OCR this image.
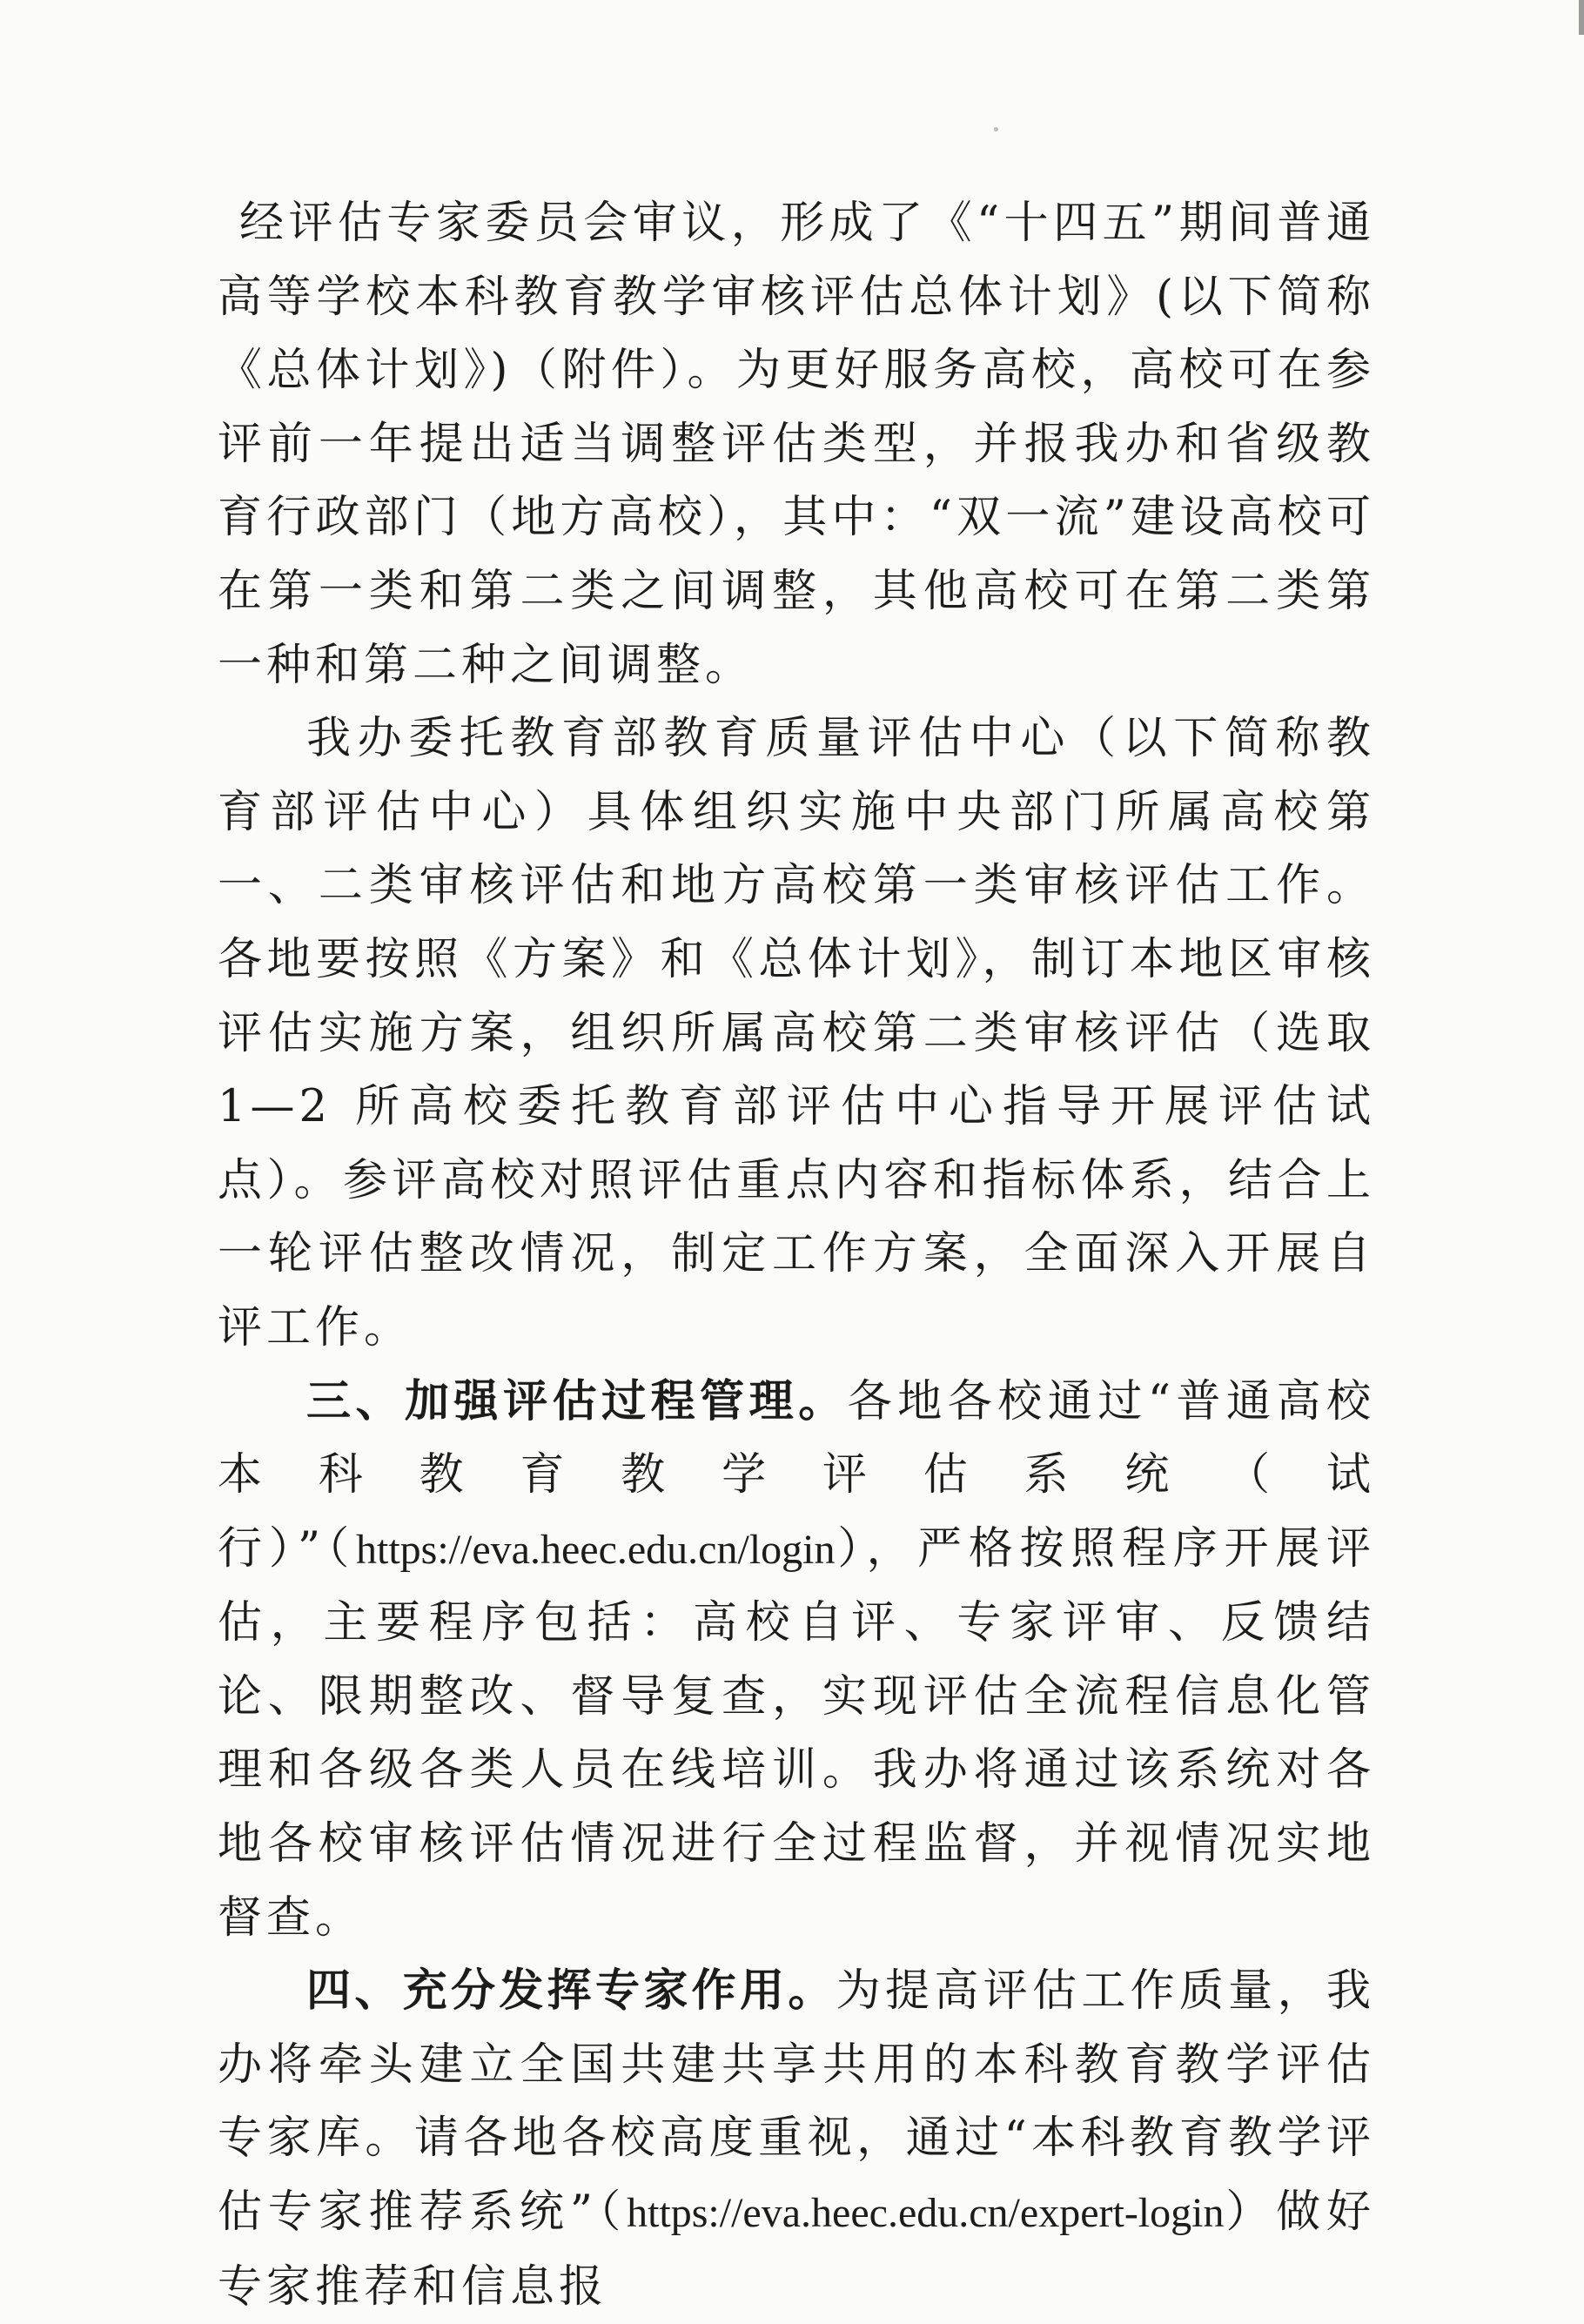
经评估专家委员会审议，形成了《“十四五”期间普通高等学校本科教育教学审核评估总体计划》(以下简称《总体计划》)（附件）。为更好服务高校，高校可在参评前一年提出适当调整评估类型，并报我办和省级教育行政部门（地方高校），其中：“双一流”建设高校可在第一类和第二类之间调整，其他高校可在第二类第一种和第二种之间调整。

我办委托教育部教育质量评估中心（以下简称教育部评估中心）具体组织实施中央部门所属高校第一、二类审核评估和地方高校第一类审核评估工作。各地要按照《方案》和《总体计划》，制订本地区审核评估实施方案，组织所属高校第二类审核评估（选取 1—2 所高校委托教育部评估中心指导开展评估试点）。参评高校对照评估重点内容和指标体系，结合上一轮评估整改情况，制定工作方案，全面深入开展自评工作。

三、加强评估过程管理。各地各校通过“普通高校本科教育教学评估系统（试行）”（https://eva.heec.edu.cn/login），严格按照程序开展评估，主要程序包括：高校自评、专家评审、反馈结论、限期整改、督导复查，实现评估全流程信息化管理和各级各类人员在线培训。我办将通过该系统对各地各校审核评估情况进行全过程监督，并视情况实地督查。

四、充分发挥专家作用。为提高评估工作质量，我办将牵头建立全国共建共享共用的本科教育教学评估专家库。请各地各校高度重视，通过“本科教育教学评估专家推荐系统”（https://eva.heec.edu.cn/expert-login）做好专家推荐和信息报
